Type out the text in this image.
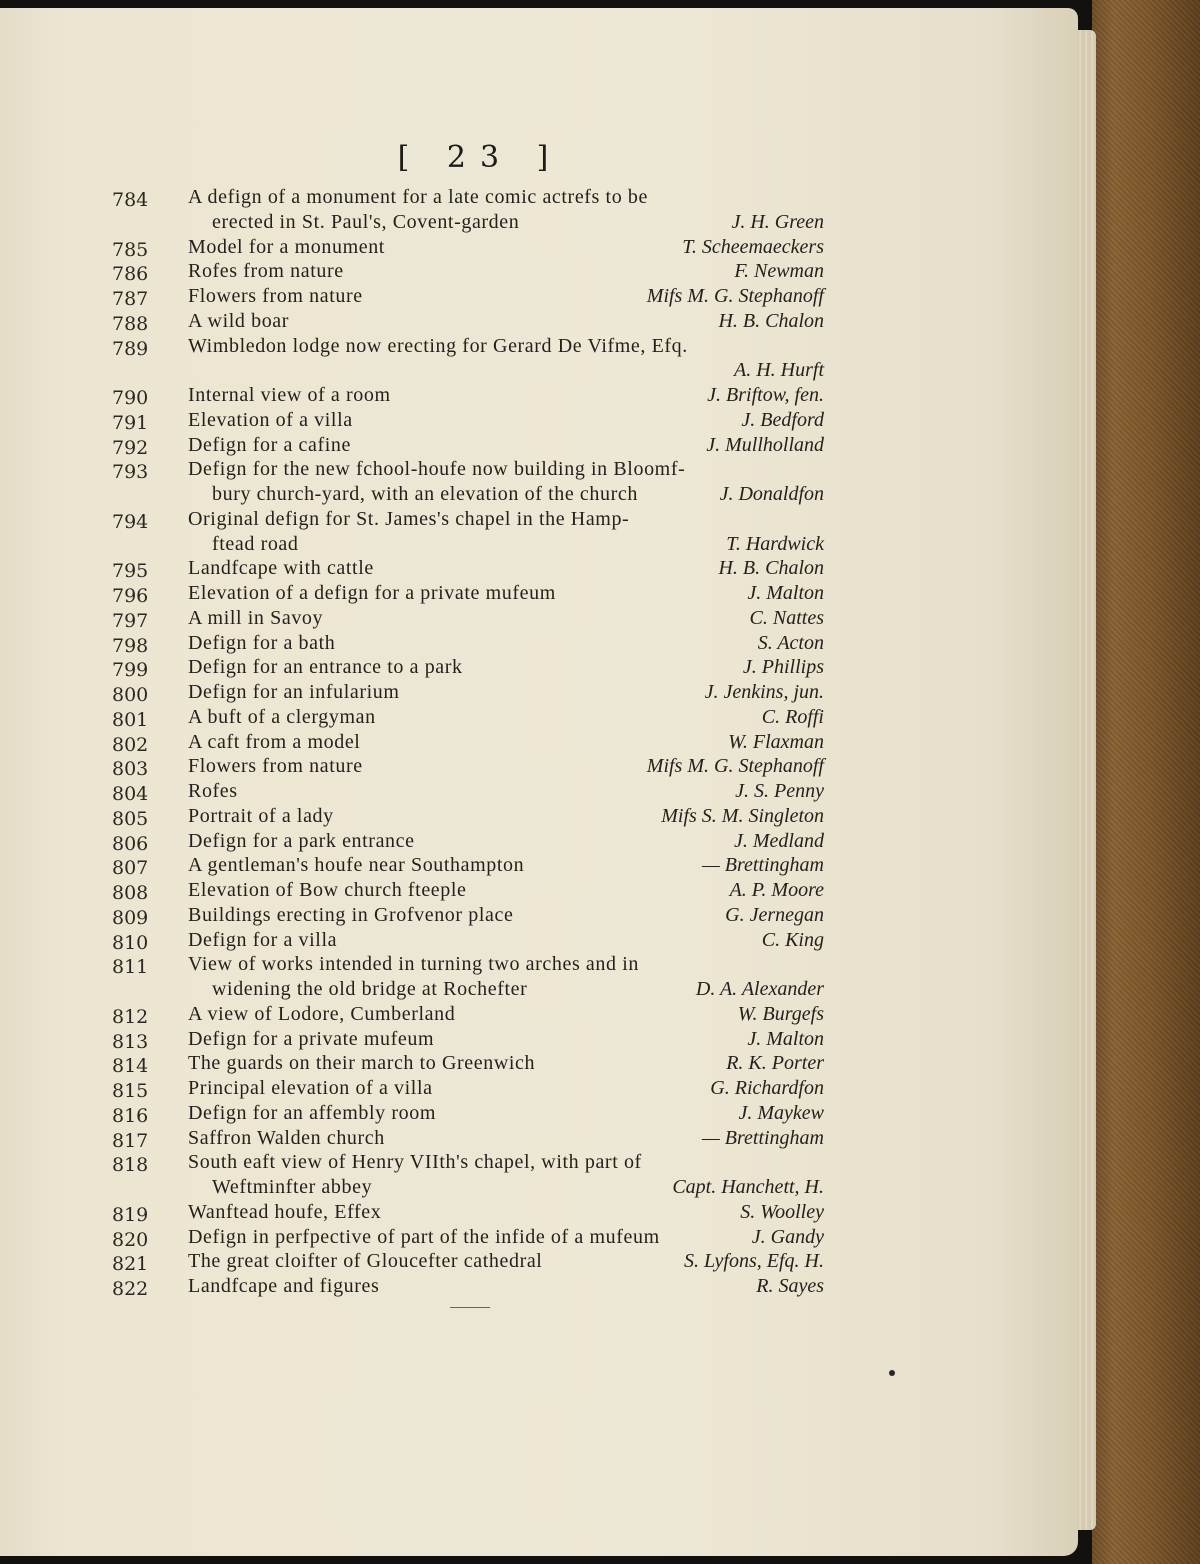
[ 23 ]
784 A defign of a monument for a late comic actrefs to be
erected in St. Paul's, Covent-garden	J. H. Green
785 Model for a monument	T. Scheemaeckers
786 Rofes from nature	F. Newman
787 Flowers from nature	Mifs M. G. Stephanoff
788 A wild boar	H. B. Chalon
789 Wimbledon lodge now erecting for Gerard De Vifme, Efq.
A. H. Hurft
790 Internal view of a room	J. Briftow, fen.
791 Elevation of a villa	J. Bedford
792 Defign for a cafine	J. Mullholland
793 Defign for the new fchool-houfe now building in Bloomf-
bury church-yard, with an elevation of the church	J. Donaldfon
794 Original defign for St. James's chapel in the Hamp-
ftead road	T. Hardwick
795 Landfcape with cattle	H. B. Chalon
796 Elevation of a defign for a private mufeum	J. Malton
797 A mill in Savoy	C. Nattes
798 Defign for a bath	S. Acton
799 Defign for an entrance to a park	J. Phillips
800 Defign for an infularium	J. Jenkins, jun.
801 A buft of a clergyman	C. Roffi
802 A caft from a model	W. Flaxman
803 Flowers from nature	Mifs M. G. Stephanoff
804 Rofes	J. S. Penny
805 Portrait of a lady	Mifs S. M. Singleton
806 Defign for a park entrance	J. Medland
807 A gentleman's houfe near Southampton	— Brettingham
808 Elevation of Bow church fteeple	A. P. Moore
809 Buildings erecting in Grofvenor place	G. Jernegan
810 Defign for a villa	C. King
811 View of works intended in turning two arches and in
widening the old bridge at Rochefter	D. A. Alexander
812 A view of Lodore, Cumberland	W. Burgefs
813 Defign for a private mufeum	J. Malton
814 The guards on their march to Greenwich	R. K. Porter
815 Principal elevation of a villa	G. Richardfon
816 Defign for an affembly room	J. Maykew
817 Saffron Walden church	— Brettingham
818 South eaft view of Henry VIIth's chapel, with part of
Weftminfter abbey	Capt. Hanchett, H.
819 Wanftead houfe, Effex	S. Woolley
820 Defign in perfpective of part of the infide of a mufeum	J. Gandy
821 The great cloifter of Gloucefter cathedral	S. Lyfons, Efq. H.
822 Landfcape and figures	R. Sayes
